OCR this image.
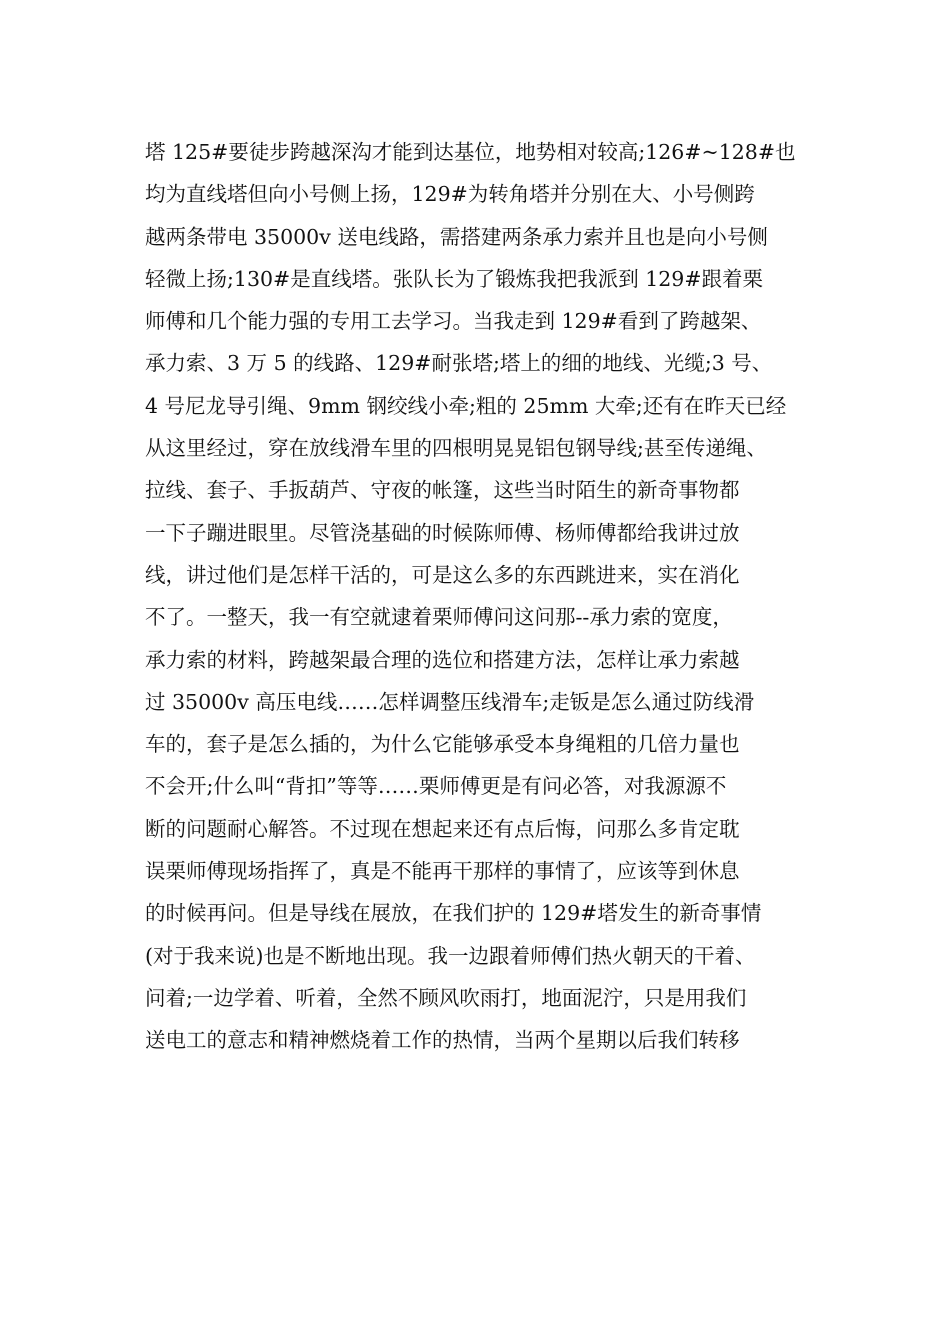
塔 125#要徒步跨越深沟才能到达基位，地势相对较高;126#~128#也
均为直线塔但向小号侧上扬，129#为转角塔并分别在大、小号侧跨
越两条带电 35000v 送电线路，需搭建两条承力索并且也是向小号侧
轻微上扬;130#是直线塔。张队长为了锻炼我把我派到 129#跟着栗
师傅和几个能力强的专用工去学习。当我走到 129#看到了跨越架、
承力索、3 万 5 的线路、129#耐张塔;塔上的细的地线、光缆;3 号、
4 号尼龙导引绳、9mm 钢绞线小牵;粗的 25mm 大牵;还有在昨天已经
从这里经过，穿在放线滑车里的四根明晃晃铝包钢导线;甚至传递绳、
拉线、套子、手扳葫芦、守夜的帐篷，这些当时陌生的新奇事物都
一下子蹦进眼里。尽管浇基础的时候陈师傅、杨师傅都给我讲过放
线，讲过他们是怎样干活的，可是这么多的东西跳进来，实在消化
不了。一整天，我一有空就逮着栗师傅问这问那--承力索的宽度，
承力索的材料，跨越架最合理的选位和搭建方法，怎样让承力索越
过 35000v 高压电线……怎样调整压线滑车;走钣是怎么通过防线滑
车的，套子是怎么插的，为什么它能够承受本身绳粗的几倍力量也
不会开;什么叫“背扣”等等……栗师傅更是有问必答，对我源源不
断的问题耐心解答。不过现在想起来还有点后悔，问那么多肯定耽
误栗师傅现场指挥了，真是不能再干那样的事情了，应该等到休息
的时候再问。但是导线在展放，在我们护的 129#塔发生的新奇事情
(对于我来说)也是不断地出现。我一边跟着师傅们热火朝天的干着、
问着;一边学着、听着，全然不顾风吹雨打，地面泥泞，只是用我们
送电工的意志和精神燃烧着工作的热情，当两个星期以后我们转移
